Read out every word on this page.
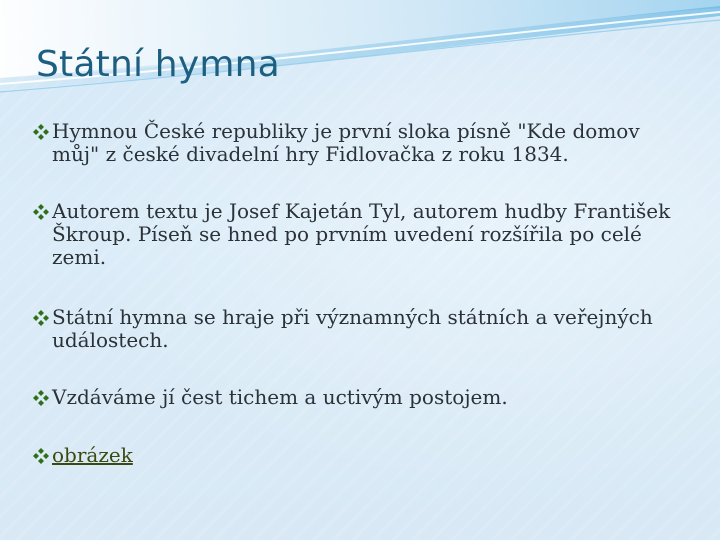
Státní hymna
Hymnou České republiky je první sloka písně "Kde domov můj" z české divadelní hry Fidlovačka z roku 1834.
Autorem textu je Josef Kajetán Tyl, autorem hudby František Škroup. Píseň se hned po prvním uvedení rozšířila po celé zemi.
Státní hymna se hraje při významných státních a veřejných událostech.
Vzdáváme jí čest tichem a uctivým postojem.
obrázek
